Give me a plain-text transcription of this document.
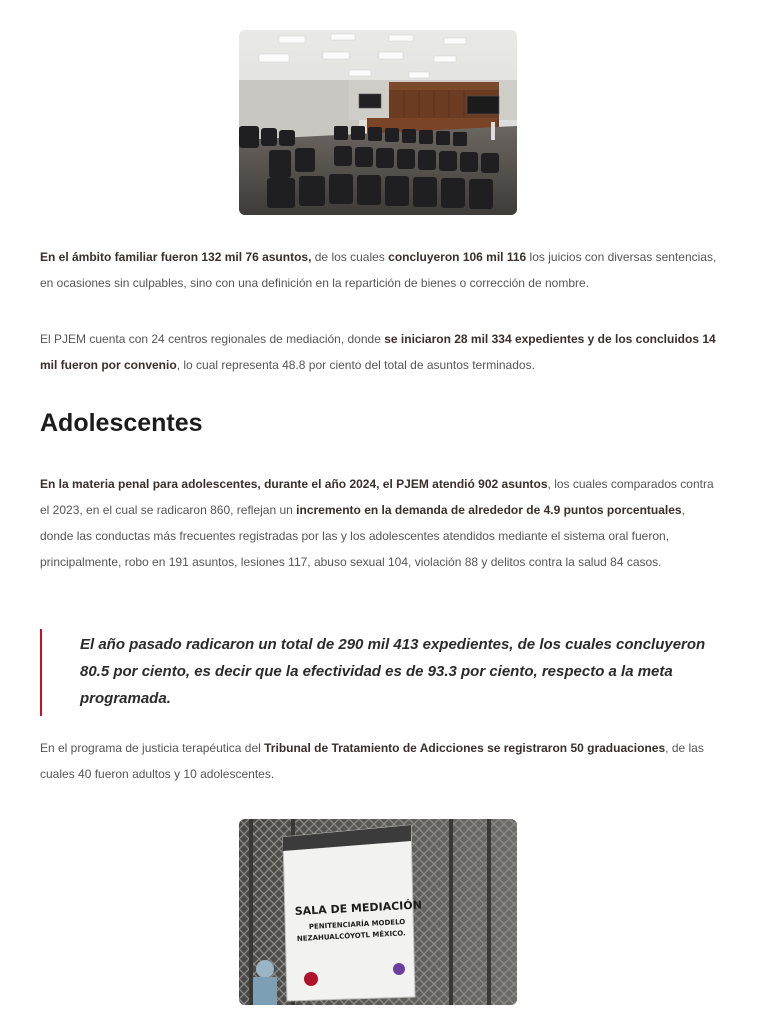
En el ámbito familiar fueron 132 mil 76 asuntos, de los cuales concluyeron 106 mil 116 los juicios con diversas sentencias, en ocasiones sin culpables, sino con una definición en la repartición de bienes o corrección de nombre.

El PJEM cuenta con 24 centros regionales de mediación, donde se iniciaron 28 mil 334 expedientes y de los concluidos 14 mil fueron por convenio, lo cual representa 48.8 por ciento del total de asuntos terminados.

Adolescentes

En la materia penal para adolescentes, durante el año 2024, el PJEM atendió 902 asuntos, los cuales comparados contra el 2023, en el cual se radicaron 860, reflejan un incremento en la demanda de alrededor de 4.9 puntos porcentuales, donde las conductas más frecuentes registradas por las y los adolescentes atendidos mediante el sistema oral fueron, principalmente, robo en 191 asuntos, lesiones 117, abuso sexual 104, violación 88 y delitos contra la salud 84 casos.

El año pasado radicaron un total de 290 mil 413 expedientes, de los cuales concluyeron 80.5 por ciento, es decir que la efectividad es de 93.3 por ciento, respecto a la meta programada.

En el programa de justicia terapéutica del Tribunal de Tratamiento de Adicciones se registraron 50 graduaciones, de las cuales 40 fueron adultos y 10 adolescentes.

SALA DE MEDIACIÓN
PENITENCIARÍA MODELO
NEZAHUALCÓYOTL MÉXICO.
